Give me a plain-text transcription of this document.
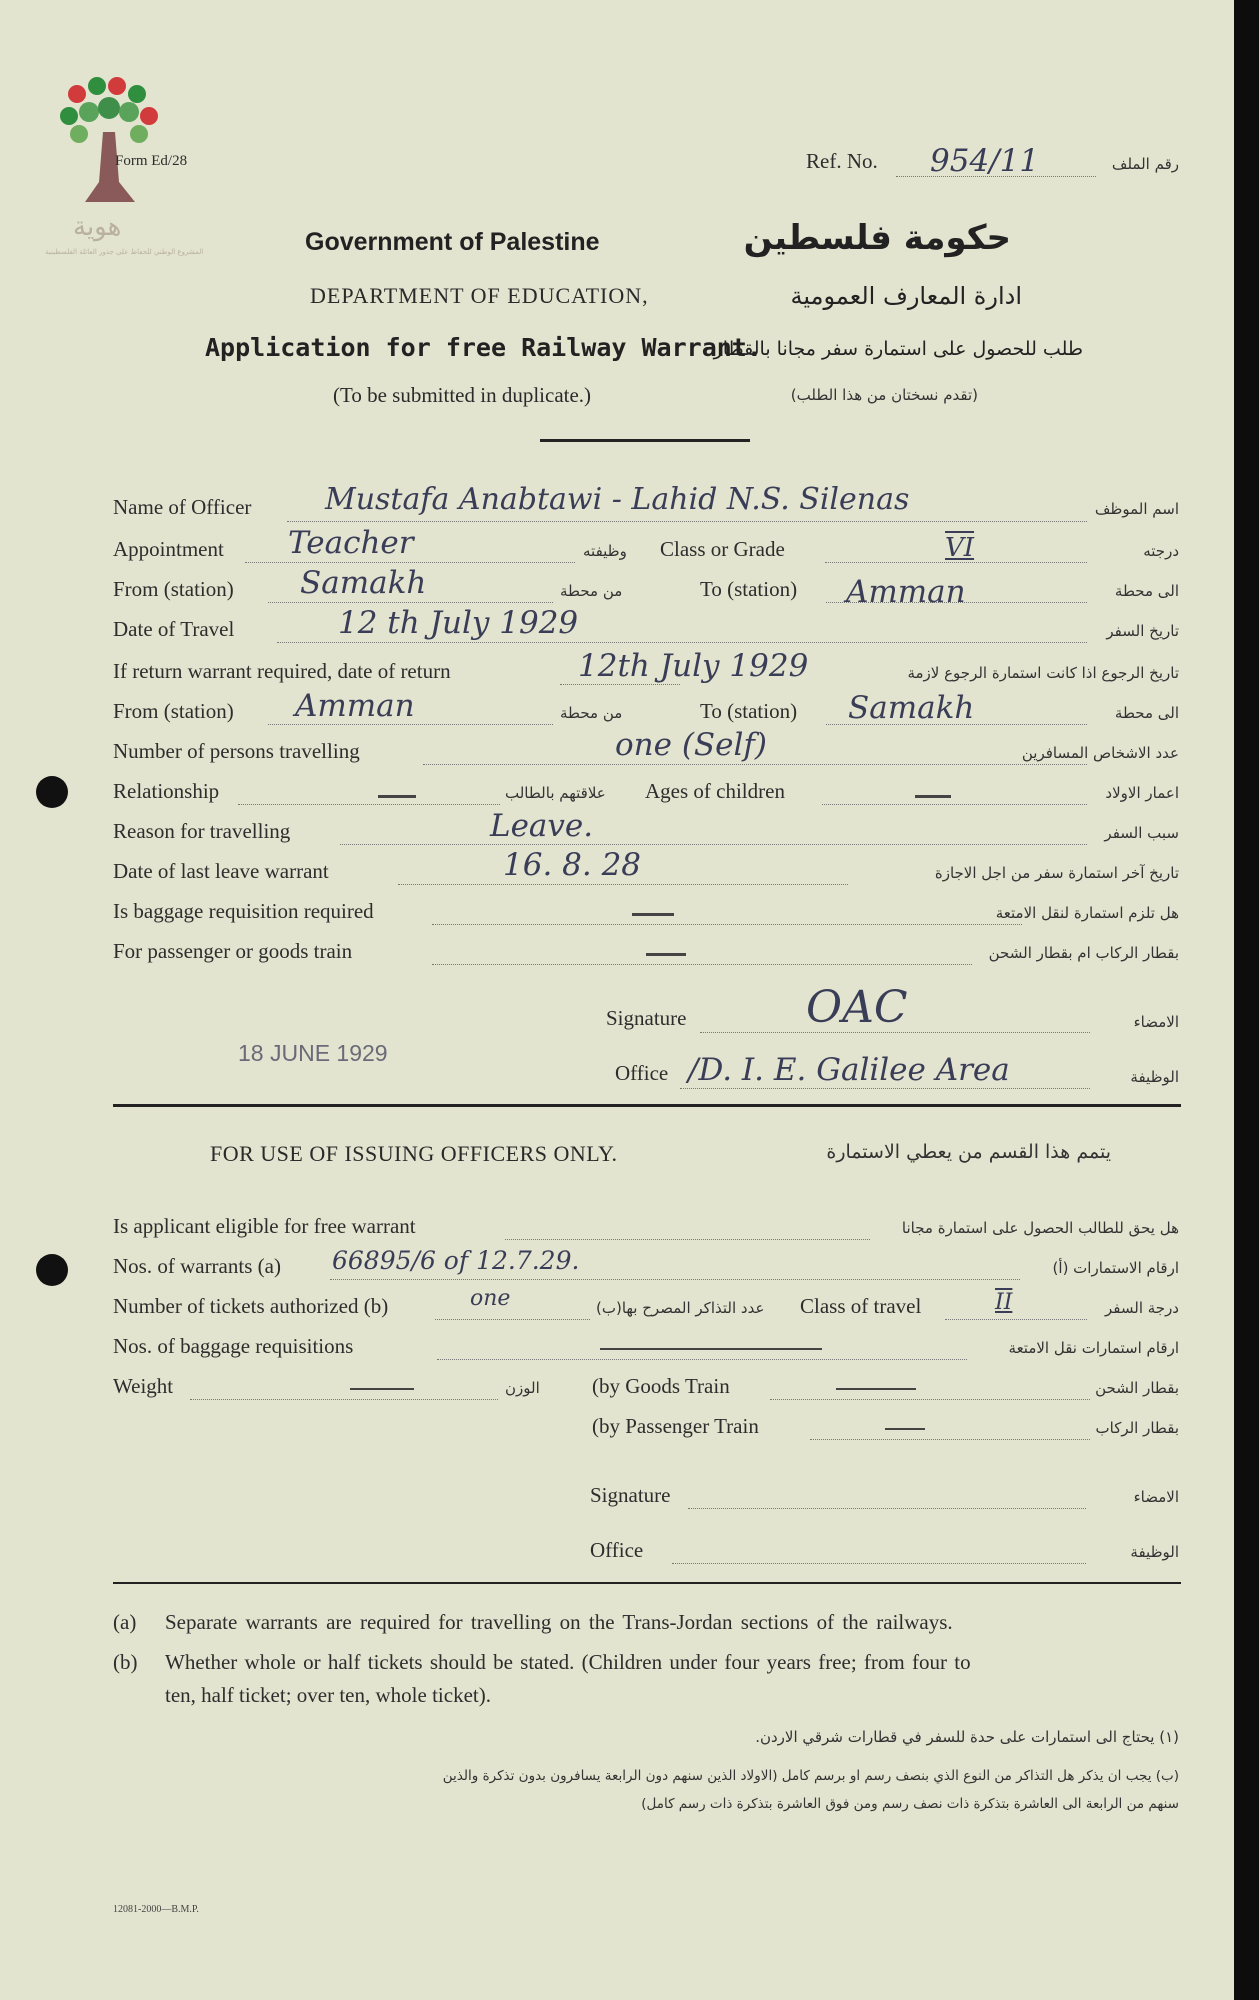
هوية
المشروع الوطني للحفاظ على جذور العائلة الفلسطينية
Form Ed/28	Ref. No. 954/11	رقم الملف
Government of Palestine	حكومة فلسطين
DEPARTMENT OF EDUCATION,	ادارة المعارف العمومية
Application for free Railway Warrant.
طلب للحصول على استمارة سفر مجانا بالقطار
(To be submitted in duplicate.)	(تقدم نسختان من هذا الطلب)
Name of Officer Mustafa Anabtawi - Lahid N.S. Silenas	اسم الموظف
Appointment Teacher	وظيفته Class or Grade	VI	درجته
From (station) Samakh	من محطة	To (station) Amman	الى محطة
Date of Travel	12 th July 1929	تاريخ السفر
If return warrant required, date of return	12th July 1929	تاريخ الرجوع اذا كانت استمارة الرجوع لازمة
From (station) Amman	من محطة	To (station) Samakh	الى محطة
Number of persons travelling	one (Self)	عدد الاشخاص المسافرين
Relationship	علاقتهم بالطالب Ages of children	اعمار الاولاد
Reason for travelling	Leave.	سبب السفر
Date of last leave warrant	16. 8. 28	تاريخ آخر استمارة سفر من اجل الاجازة
Is baggage requisition required	هل تلزم استمارة لنقل الامتعة
For passenger or goods train	بقطار الركاب ام بقطار الشحن
Signature	OAC	الامضاء
18 JUNE 1929
Office /D. I. E. Galilee Area	الوظيفة
FOR USE OF ISSUING OFFICERS ONLY.	يتمم هذا القسم من يعطي الاستمارة
Is applicant eligible for free warrant	هل يحق للطالب الحصول على استمارة مجانا
Nos. of warrants (a) 66895/6 of 12.7.29.	ارقام الاستمارات (أ)
Number of tickets authorized (b)	one	عدد التذاكر المصرح بها(ب) Class of travel	II	درجة السفر
Nos. of baggage requisitions	ارقام استمارات نقل الامتعة
Weight	الوزن (by Goods Train	بقطار الشحن
(by Passenger Train	بقطار الركاب
Signature	الامضاء
Office	الوظيفة
(a) Separate warrants are required for travelling on the Trans-Jordan sections of the railways.
(b) Whether whole or half tickets should be stated. (Children under four years free; from four to
ten, half ticket; over ten, whole ticket).
(١) يحتاج الى استمارات على حدة للسفر في قطارات شرقي الاردن.
(ب) يجب ان يذكر هل التذاكر من النوع الذي بنصف رسم او برسم كامل (الاولاد الذين سنهم دون الرابعة يسافرون بدون تذكرة والذين
سنهم من الرابعة الى العاشرة بتذكرة ذات نصف رسم ومن فوق العاشرة بتذكرة ذات رسم كامل)
12081-2000—B.M.P.
